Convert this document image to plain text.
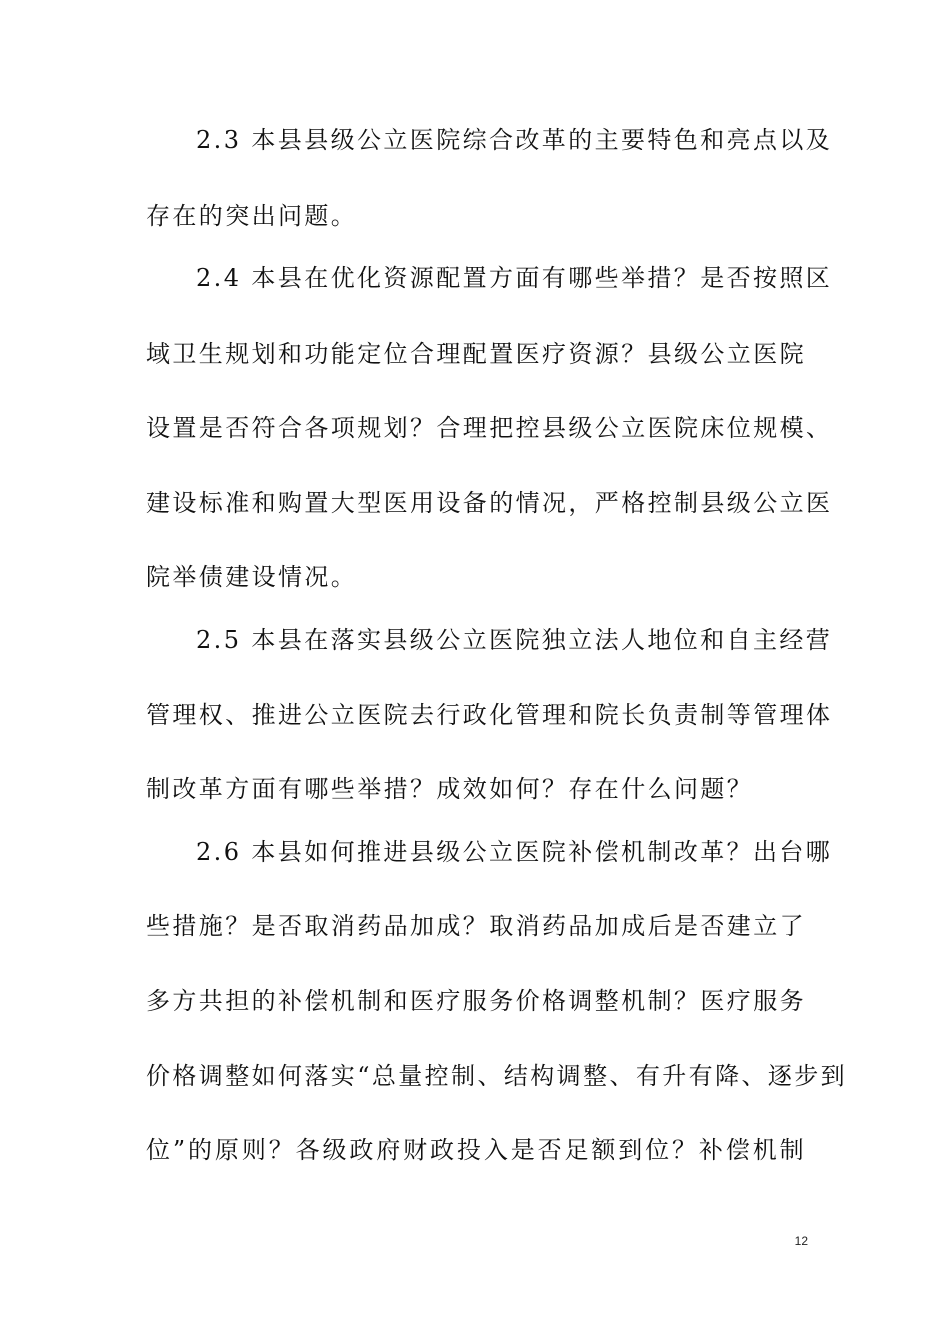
2.3 本县县级公立医院综合改革的主要特色和亮点以及
存在的突出问题。
2.4 本县在优化资源配置方面有哪些举措？是否按照区
域卫生规划和功能定位合理配置医疗资源？县级公立医院
设置是否符合各项规划？合理把控县级公立医院床位规模、
建设标准和购置大型医用设备的情况，严格控制县级公立医
院举债建设情况。
2.5 本县在落实县级公立医院独立法人地位和自主经营
管理权、推进公立医院去行政化管理和院长负责制等管理体
制改革方面有哪些举措？成效如何？存在什么问题？
2.6 本县如何推进县级公立医院补偿机制改革？出台哪
些措施？是否取消药品加成？取消药品加成后是否建立了
多方共担的补偿机制和医疗服务价格调整机制？医疗服务
价格调整如何落实“总量控制、结构调整、有升有降、逐步到
位”的原则？各级政府财政投入是否足额到位？补偿机制
12
